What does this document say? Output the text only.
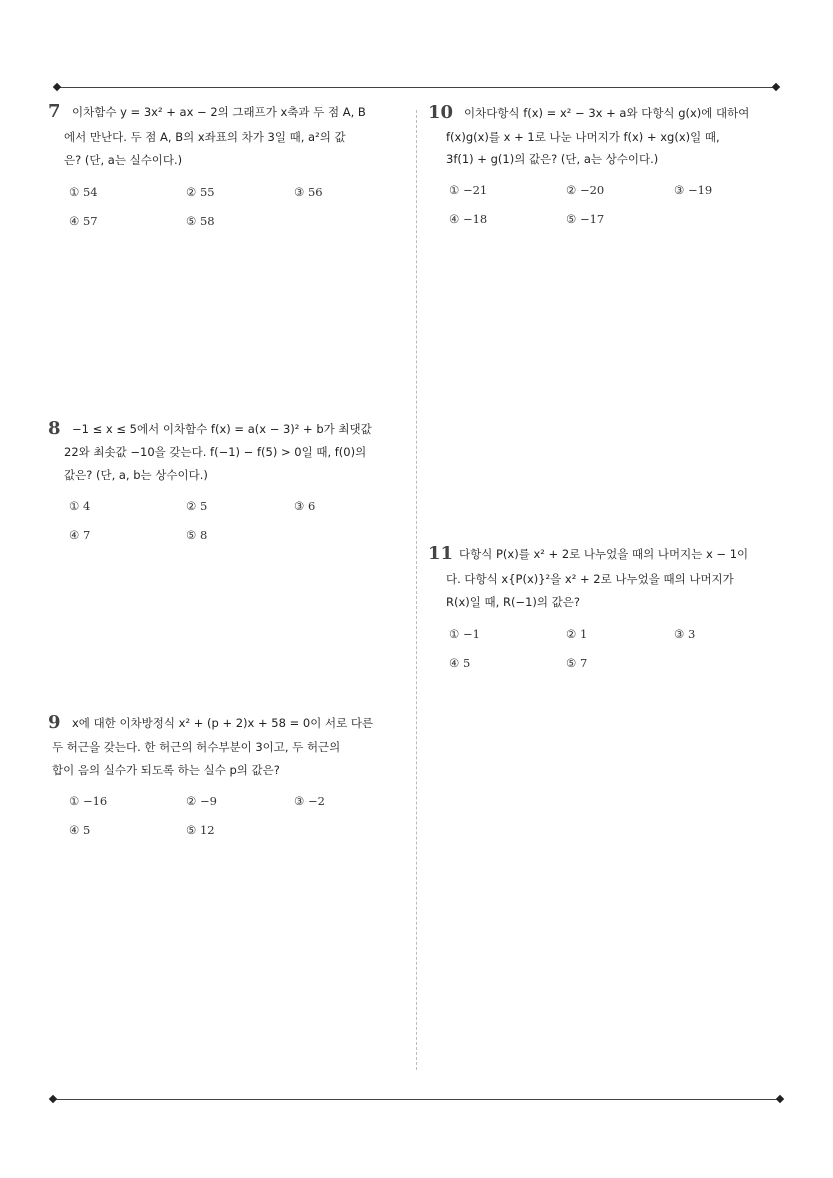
7 이차함수 y = 3x² + ax − 2의 그래프가 x축과 두 점 A, B
에서 만난다. 두 점 A, B의 x좌표의 차가 3일 때, a²의 값
은? (단, a는 실수이다.)
① 54	② 55	③ 56
④ 57	⑤ 58
8 −1 ≤ x ≤ 5에서 이차함수 f(x) = a(x − 3)² + b가 최댓값
22와 최솟값 −10을 갖는다. f(−1) − f(5) > 0일 때, f(0)의
값은? (단, a, b는 상수이다.)
① 4	② 5	③ 6
④ 7	⑤ 8
9 x에 대한 이차방정식 x² + (p + 2)x + 58 = 0이 서로 다른
두 허근을 갖는다. 한 허근의 허수부분이 3이고, 두 허근의
합이 음의 실수가 되도록 하는 실수 p의 값은?
① −16	② −9	③ −2
④ 5	⑤ 12
10 이차다항식 f(x) = x² − 3x + a와 다항식 g(x)에 대하여
f(x)g(x)를 x + 1로 나눈 나머지가 f(x) + xg(x)일 때,
3f(1) + g(1)의 값은? (단, a는 상수이다.)
① −21	② −20	③ −19
④ −18	⑤ −17
11 다항식 P(x)를 x² + 2로 나누었을 때의 나머지는 x − 1이
다. 다항식 x{P(x)}²을 x² + 2로 나누었을 때의 나머지가
R(x)일 때, R(−1)의 값은?
① −1	② 1	③ 3
④ 5	⑤ 7
